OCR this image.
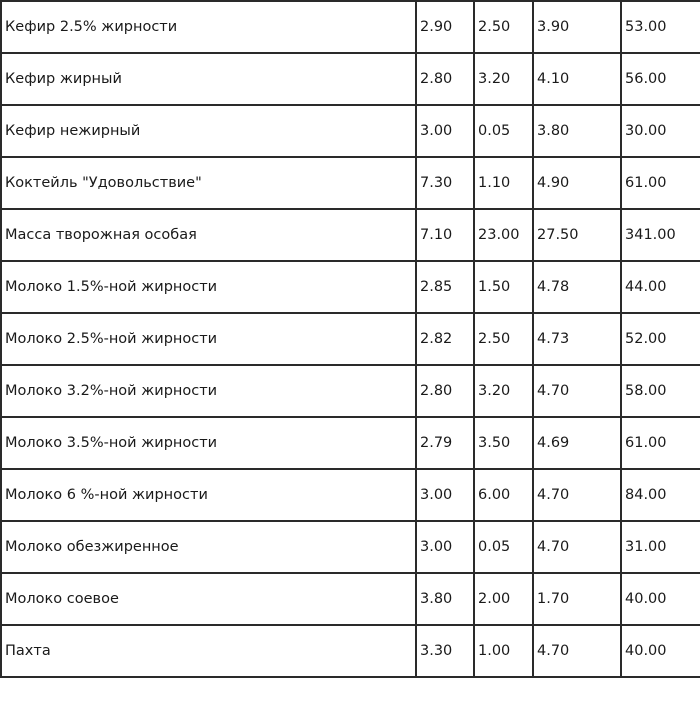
Кефир 2.5% жирности	2.90	2.50	3.90	53.00
Кефир жирный	2.80	3.20	4.10	56.00
Кефир нежирный	3.00	0.05	3.80	30.00
Коктейль "Удовольствие"	7.30	1.10	4.90	61.00
Масса творожная особая	7.10	23.00	27.50	341.00
Молоко 1.5%-ной жирности	2.85	1.50	4.78	44.00
Молоко 2.5%-ной жирности	2.82	2.50	4.73	52.00
Молоко 3.2%-ной жирности	2.80	3.20	4.70	58.00
Молоко 3.5%-ной жирности	2.79	3.50	4.69	61.00
Молоко 6 %-ной жирности	3.00	6.00	4.70	84.00
Молоко обезжиренное	3.00	0.05	4.70	31.00
Молоко соевое	3.80	2.00	1.70	40.00
Пахта	3.30	1.00	4.70	40.00
